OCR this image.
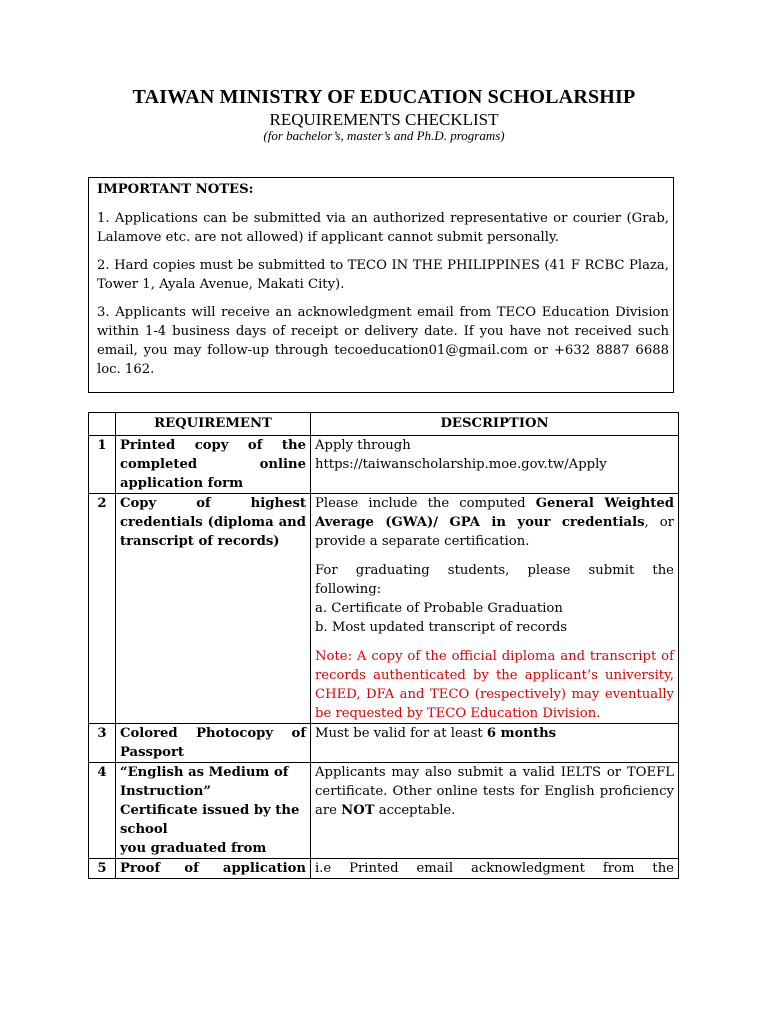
TAIWAN MINISTRY OF EDUCATION SCHOLARSHIP
REQUIREMENTS CHECKLIST
(for bachelor’s, master’s and Ph.D. programs)
IMPORTANT NOTES:

1. Applications can be submitted via an authorized representative or courier (Grab, Lalamove etc. are not allowed) if applicant cannot submit personally.

2. Hard copies must be submitted to TECO IN THE PHILIPPINES (41 F RCBC Plaza, Tower 1, Ayala Avenue, Makati City).

3. Applicants will receive an acknowledgment email from TECO Education Division within 1-4 business days of receipt or delivery date. If you have not received such email, you may follow-up through tecoeducation01@gmail.com or +632 8887 6688 loc. 162.

	REQUIREMENT	DESCRIPTION
1	Printed copy of the completed online application form	Apply through
https://taiwanscholarship.moe.gov.tw/Apply

2	Copy of highest credentials (diploma and transcript of records)	Please include the computed General Weighted Average (GWA)/ GPA in your credentials, or provide a separate certification.
For graduating students, please submit the following:
a. Certificate of Probable Graduation
b. Most updated transcript of records
Note: A copy of the official diploma and transcript of records authenticated by the applicant’s university, CHED, DFA and TECO (respectively) may eventually be requested by TECO Education Division.

3	Colored Photocopy of Passport	Must be valid for at least 6 months
4	“English as Medium of Instruction”
Certificate issued by the school
you graduated from	Applicants may also submit a valid IELTS or TOEFL certificate. Other online tests for English proficiency are NOT acceptable.
5	Proof of application	i.e Printed email acknowledgment from the
